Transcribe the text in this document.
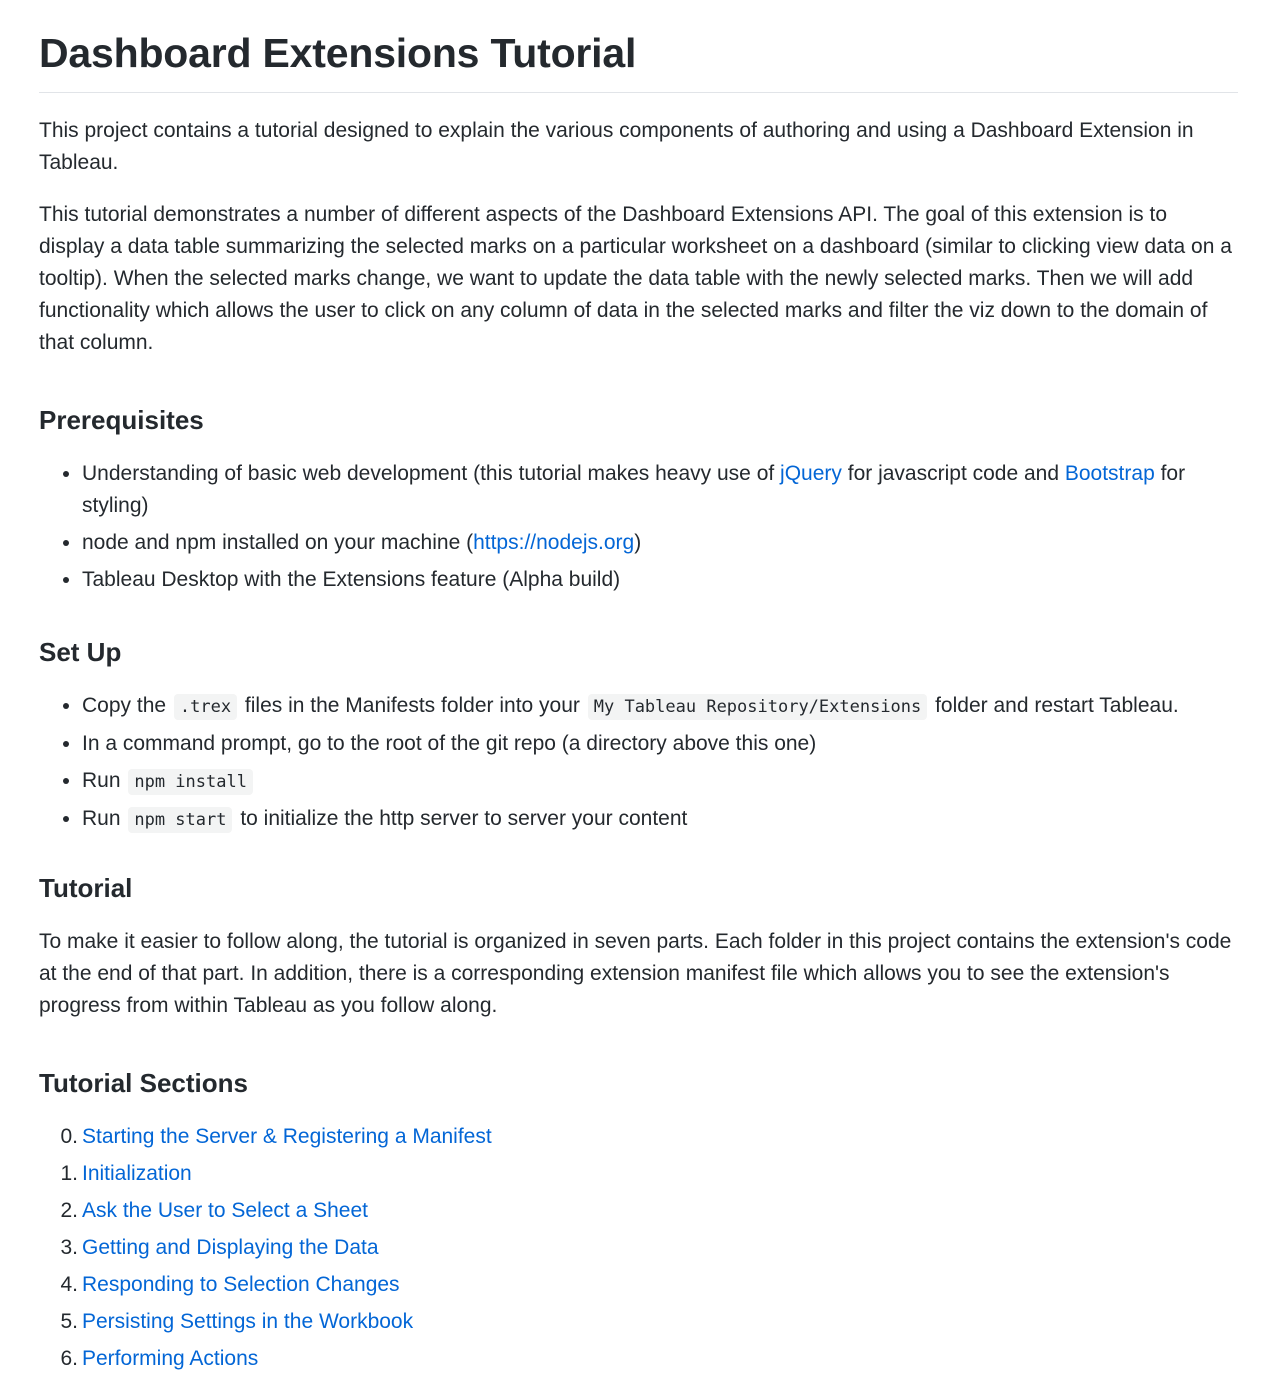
Dashboard Extensions Tutorial

This project contains a tutorial designed to explain the various components of authoring and using a Dashboard Extension in Tableau.

This tutorial demonstrates a number of different aspects of the Dashboard Extensions API. The goal of this extension is to display a data table summarizing the selected marks on a particular worksheet on a dashboard (similar to clicking view data on a tooltip). When the selected marks change, we want to update the data table with the newly selected marks. Then we will add functionality which allows the user to click on any column of data in the selected marks and filter the viz down to the domain of that column.

Prerequisites
• Understanding of basic web development (this tutorial makes heavy use of jQuery for javascript code and Bootstrap for styling)
• node and npm installed on your machine (https://nodejs.org)
• Tableau Desktop with the Extensions feature (Alpha build)
Set Up
• Copy the .trex files in the Manifests folder into your My Tableau Repository/Extensions folder and restart Tableau.
• In a command prompt, go to the root of the git repo (a directory above this one)
• Run npm install
• Run npm start to initialize the http server to server your content
Tutorial

To make it easier to follow along, the tutorial is organized in seven parts. Each folder in this project contains the extension's code at the end of that part. In addition, there is a corresponding extension manifest file which allows you to see the extension's progress from within Tableau as you follow along.

Tutorial Sections
0. Starting the Server & Registering a Manifest
1. Initialization
2. Ask the User to Select a Sheet
3. Getting and Displaying the Data
4. Responding to Selection Changes
5. Persisting Settings in the Workbook
6. Performing Actions
